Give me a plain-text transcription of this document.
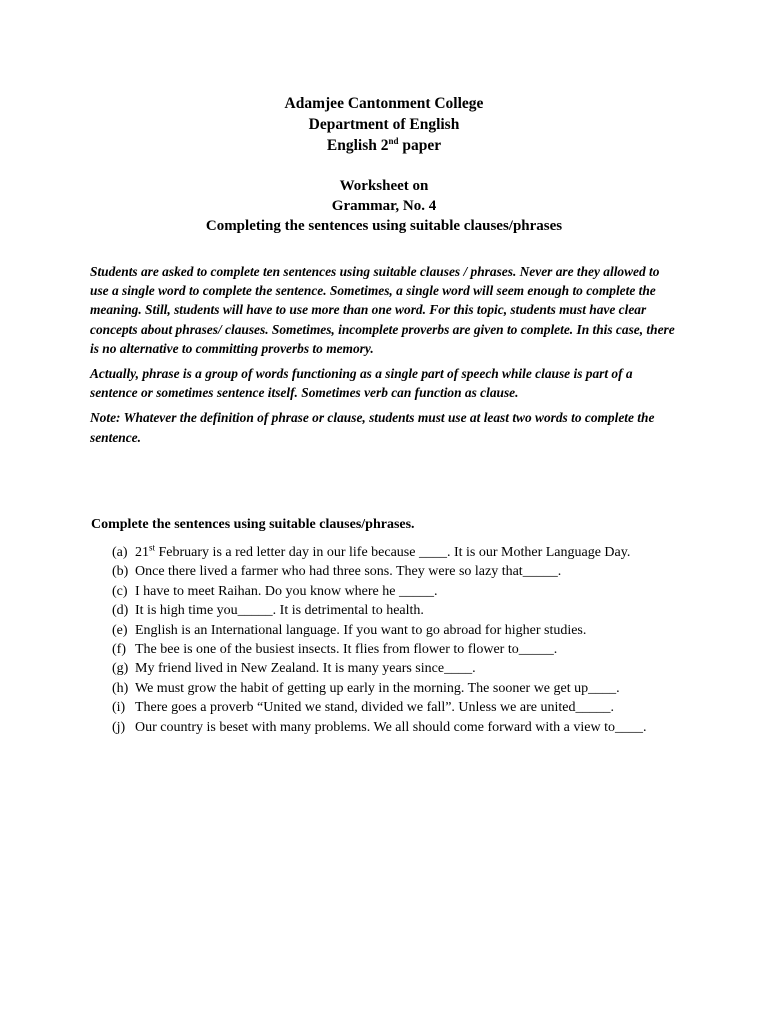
Adamjee Cantonment College
Department of English
English 2nd paper
Worksheet on
Grammar, No. 4
Completing the sentences using suitable clauses/phrases

Students are asked to complete ten sentences using suitable clauses / phrases. Never are they allowed to use a single word to complete the sentence. Sometimes, a single word will seem enough to complete the meaning. Still, students will have to use more than one word. For this topic, students must have clear concepts about phrases/ clauses. Sometimes, incomplete proverbs are given to complete. In this case, there is no alternative to committing proverbs to memory.

Actually, phrase is a group of words functioning as a single part of speech while clause is part of a sentence or sometimes sentence itself. Sometimes verb can function as clause.

Note: Whatever the definition of phrase or clause, students must use at least two words to complete the sentence.

Complete the sentences using suitable clauses/phrases.
(a) 21st February is a red letter day in our life because ____. It is our Mother Language Day.
(b) Once there lived a farmer who had three sons. They were so lazy that_____.
(c) I have to meet Raihan. Do you know where he _____.
(d) It is high time you_____. It is detrimental to health.
(e) English is an International language. If you want to go abroad for higher studies.
(f) The bee is one of the busiest insects. It flies from flower to flower to_____.
(g) My friend lived in New Zealand. It is many years since____.
(h) We must grow the habit of getting up early in the morning. The sooner we get up____.
(i) There goes a proverb “United we stand, divided we fall”. Unless we are united_____.
(j) Our country is beset with many problems. We all should come forward with a view to____.
